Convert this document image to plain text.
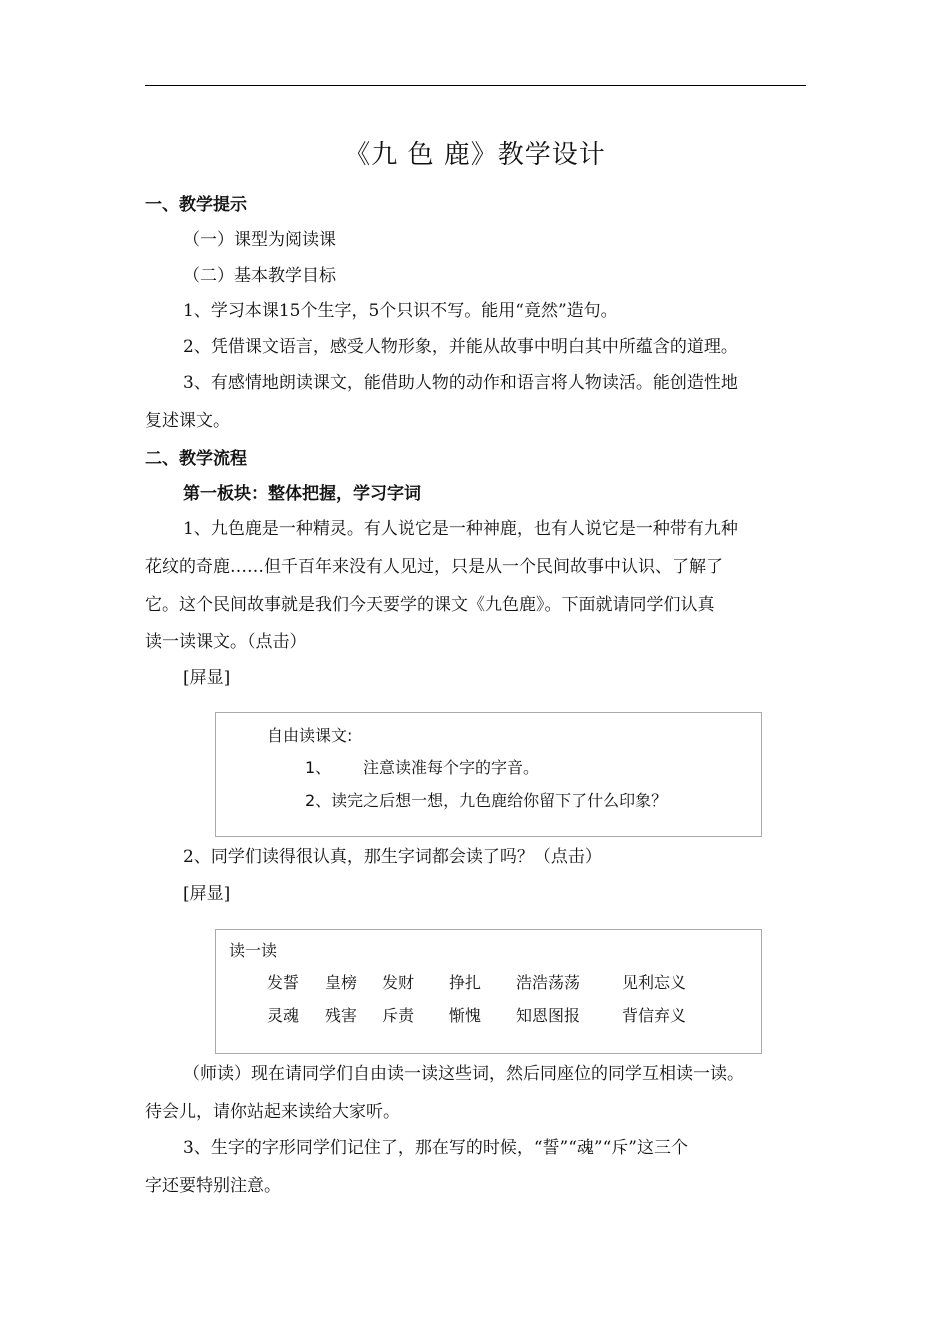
《九 色 鹿》教学设计
一、教学提示
（一）课型为阅读课
（二）基本教学目标
1、学习本课15个生字，5个只识不写。能用“竟然”造句。
2、凭借课文语言，感受人物形象，并能从故事中明白其中所蕴含的道理。
3、有感情地朗读课文，能借助人物的动作和语言将人物读活。能创造性地
复述课文。
二、教学流程
第一板块：整体把握，学习字词
1、九色鹿是一种精灵。有人说它是一种神鹿，也有人说它是一种带有九种
花纹的奇鹿……但千百年来没有人见过，只是从一个民间故事中认识、了解了
它。这个民间故事就是我们今天要学的课文《九色鹿》。下面就请同学们认真
读一读课文。（点击）
[屏显]
自由读课文:
1、 注意读准每个字的字音。
2、读完之后想一想，九色鹿给你留下了什么印象？
2、同学们读得很认真，那生字词都会读了吗？（点击）
[屏显]
读一读
发誓 皇榜 发财 挣扎 浩浩荡荡	见利忘义
灵魂 残害 斥责 惭愧 知恩图报	背信弃义
（师读）现在请同学们自由读一读这些词，然后同座位的同学互相读一读。
待会儿，请你站起来读给大家听。
3、生字的字形同学们记住了，那在写的时候，“誓”“魂”“斥”这三个
字还要特别注意。
